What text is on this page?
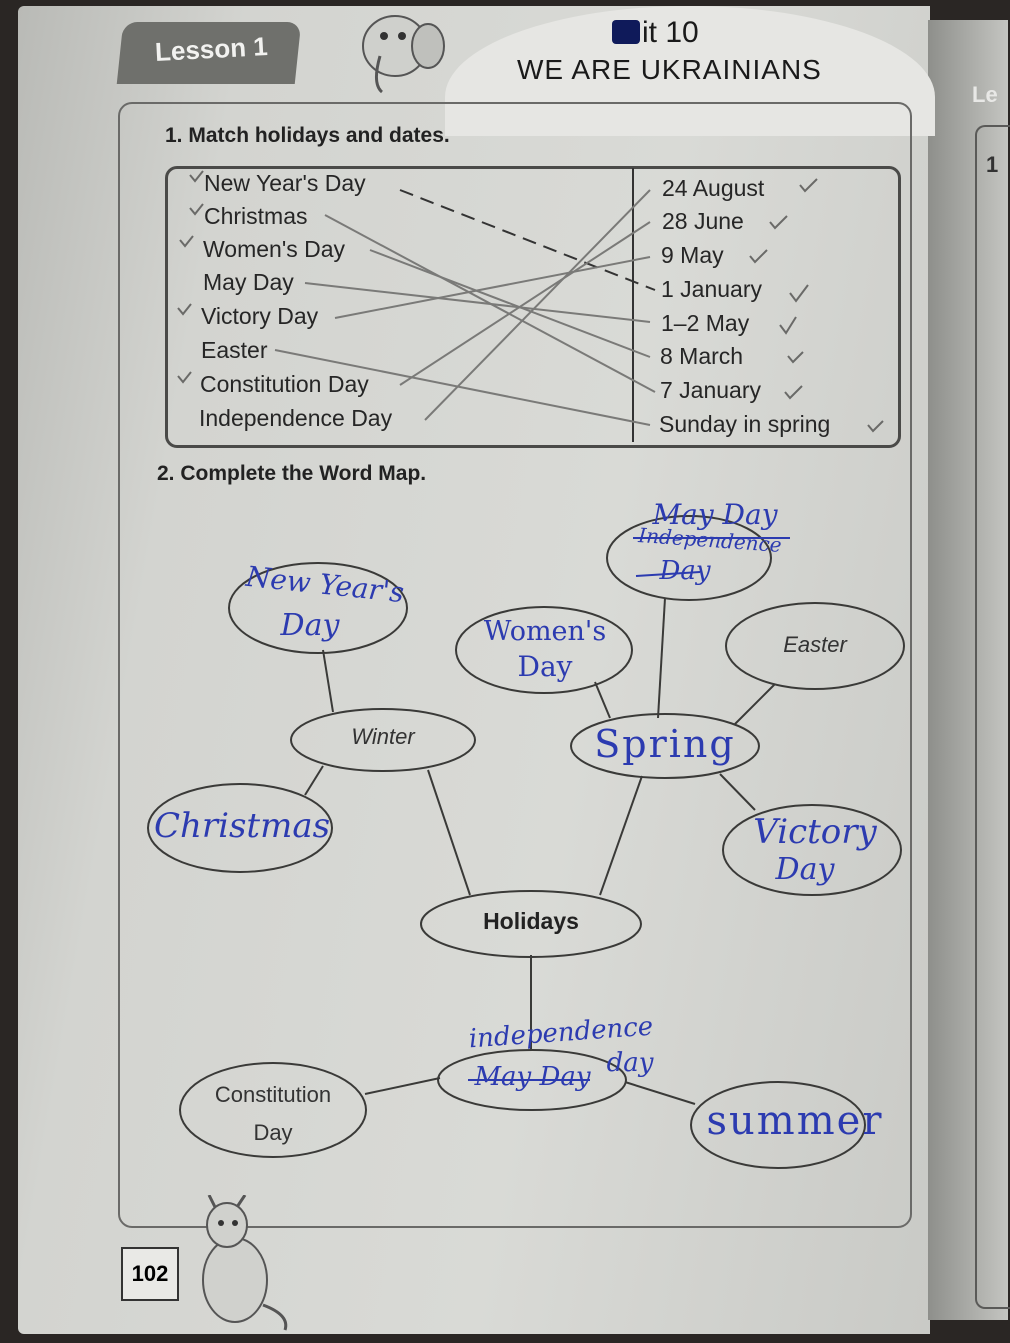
1
Le
Lesson 1	it 10
WE ARE UKRAINIANS
1. Match holidays and dates.
New Year's Day
Christmas
Women's Day
May Day
Victory Day
Easter
Constitution Day
Independence Day
24 August
28 June
9 May
1 January
1–2 May
8 March
7 January
Sunday in spring
2. Complete the Word Map.
Winter
Easter
Holidays
Constitution
Day
New Year's
Day
Christmas
Women's
Day
May Day
Independence
Day
Spring
Victory
Day
independence
day
May Day
summer
102
